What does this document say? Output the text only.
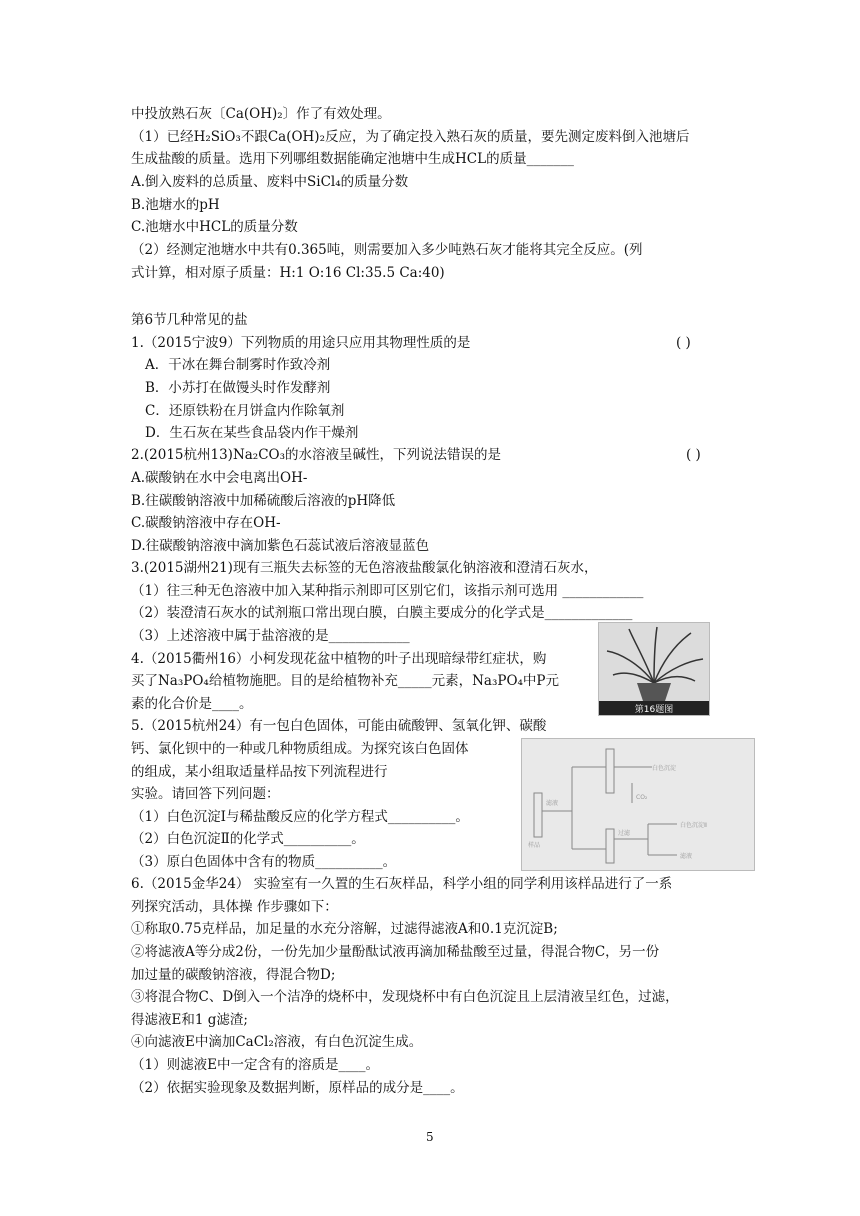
中投放熟石灰〔Ca(OH)₂〕作了有效处理。
（1）已经H₂SiO₃不跟Ca(OH)₂反应，为了确定投入熟石灰的质量，要先测定废料倒入池塘后
生成盐酸的质量。选用下列哪组数据能确定池塘中生成HCL的质量_______
A.倒入废料的总质量、废料中SiCl₄的质量分数
B.池塘水的pH
C.池塘水中HCL的质量分数
（2）经测定池塘水中共有0.365吨，则需要加入多少吨熟石灰才能将其完全反应。(列
式计算，相对原子质量：H:1 O:16 Cl:35.5 Ca:40)
第6节几种常见的盐
1.（2015宁波9）下列物质的用途只应用其物理性质的是	( )
A．干冰在舞台制雾时作致冷剂
B．小苏打在做馒头时作发酵剂
C．还原铁粉在月饼盒内作除氧剂
D．生石灰在某些食品袋内作干燥剂
2.(2015杭州13)Na₂CO₃的水溶液呈碱性，下列说法错误的是	( )
A.碳酸钠在水中会电离出OH-
B.往碳酸钠溶液中加稀硫酸后溶液的pH降低
C.碳酸钠溶液中存在OH-
D.往碳酸钠溶液中滴加紫色石蕊试液后溶液显蓝色
3.(2015湖州21)现有三瓶失去标签的无色溶液盐酸氯化钠溶液和澄清石灰水，
（1）往三种无色溶液中加入某种指示剂即可区别它们，该指示剂可选用 ____________
（2）装澄清石灰水的试剂瓶口常出现白膜，白膜主要成分的化学式是_____________
（3）上述溶液中属于盐溶液的是____________
4.（2015衢州16）小柯发现花盆中植物的叶子出现暗绿带红症状，购
买了Na₃PO₄给植物施肥。目的是给植物补充_____元素，Na₃PO₄中P元
素的化合价是____。	第16题图
5.（2015杭州24）有一包白色固体，可能由硫酸钾、氢氧化钾、碳酸
钙、氯化钡中的一种或几种物质组成。为探究该白色固体
的组成，某小组取适量样品按下列流程进行
实验。请回答下列问题：
（1）白色沉淀Ⅰ与稀盐酸反应的化学方程式__________。
（2）白色沉淀Ⅱ的化学式__________。
（3）原白色固体中含有的物质__________。
滤液
白色沉淀
CO₂
过滤
白色沉淀Ⅱ
滤液
样品
6.（2015金华24） 实验室有一久置的生石灰样品，科学小组的同学利用该样品进行了一系
列探究活动，具体操 作步骤如下：
①称取0.75克样品，加足量的水充分溶解，过滤得滤液A和0.1克沉淀B;
②将滤液A等分成2份，一份先加少量酚酞试液再滴加稀盐酸至过量，得混合物C，另一份
加过量的碳酸钠溶液，得混合物D;
③将混合物C、D倒入一个洁净的烧杯中，发现烧杯中有白色沉淀且上层清液呈红色，过滤，
得滤液E和1 g滤渣;
④向滤液E中滴加CaCl₂溶液，有白色沉淀生成。
（1）则滤液E中一定含有的溶质是____。
（2）依据实验现象及数据判断，原样品的成分是____。
5
